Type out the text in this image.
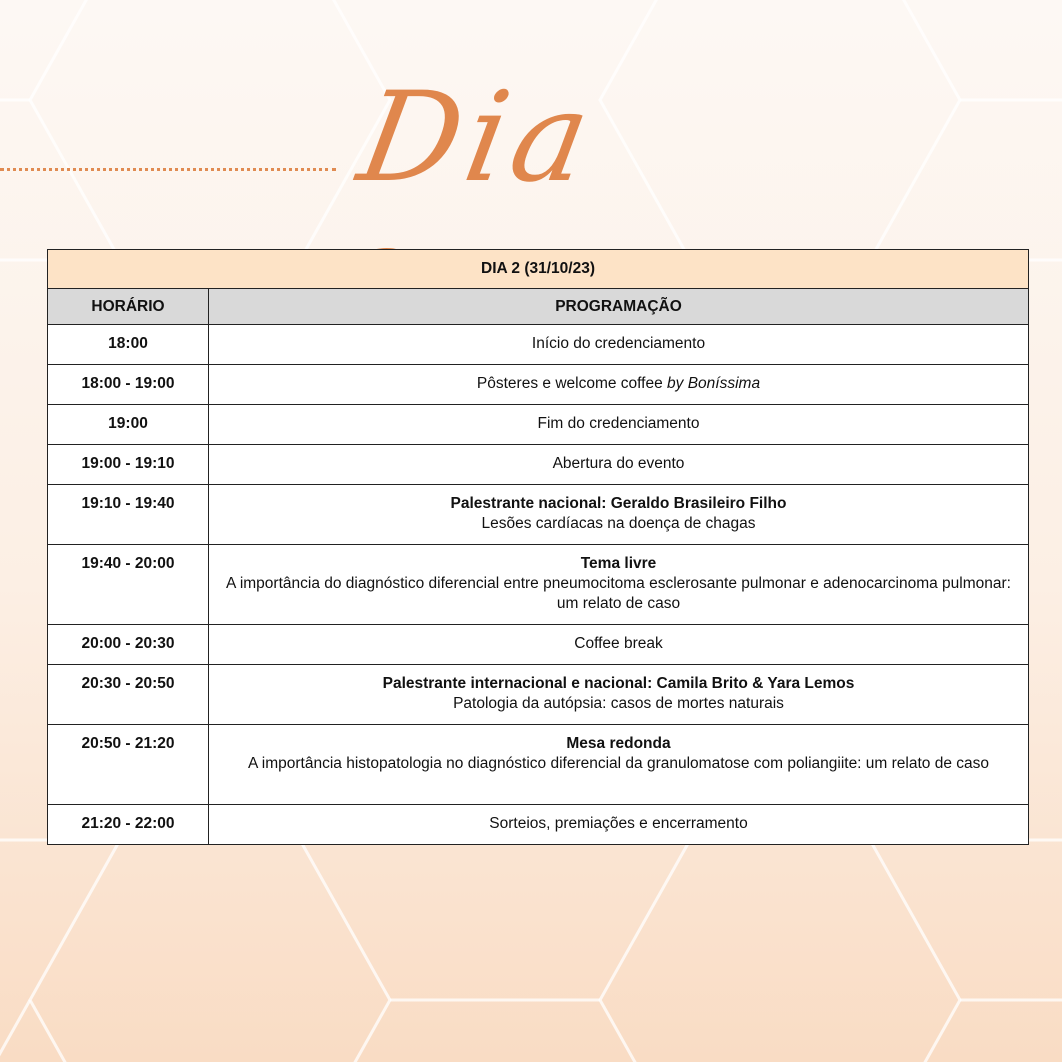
Dia
DIA 2 (31/10/23)	
HORÁRIO	PROGRAMAÇÃO
18:00	Início do credenciamento

18:00 - 19:00	Pôsteres e welcome coffee by Boníssima
19:00	Fim do credenciamento

19:00 - 19:10	Abertura do evento

19:10 - 19:40	Palestrante nacional: Geraldo Brasileiro Filho
Lesões cardíacas na doença de chagas

19:40 - 20:00	Tema livre
A importância do diagnóstico diferencial entre pneumocitoma esclerosante pulmonar e adenocarcinoma pulmonar: um relato de caso

20:00 - 20:30	Coffee break

20:30 - 20:50	Palestrante internacional e nacional: Camila Brito & Yara Lemos
Patologia da autópsia: casos de mortes naturais

20:50 - 21:20	Mesa redonda
A importância histopatologia no diagnóstico diferencial da granulomatose com poliangiite: um relato de caso

21:20 - 22:00	Sorteios, premiações e encerramento
